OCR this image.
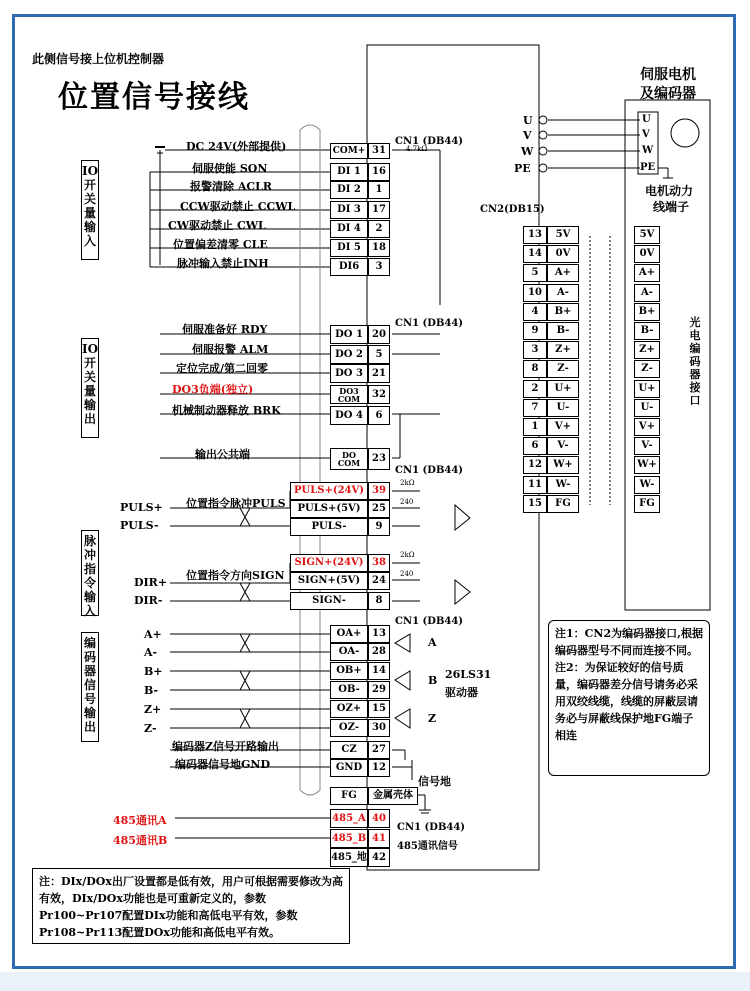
此侧信号接上位机控制器
位置信号接线
伺服电机
及编码器
U
V
W
PE
U
V
W
PE
电机动力
线端子
CN1 (DB44)
CN1 (DB44)
CN1 (DB44)
CN1 (DB44)
CN1 (DB44)
485通讯信号
CN2(DB15)
4.7kΩ
2kΩ
240
2kΩ
240
IO开关量输入
IO开关量输出
脉冲指令输入
编码器信号输出
DC 24V(外部提供)	COM+ 31
伺服使能 SON	DI 1	16
报警清除 ACLR	DI 2	1
CCW驱动禁止 CCWL	DI 3	17
CW驱动禁止 CWL	DI 4	2
位置偏差清零 CLE	DI 5	18
脉冲输入禁止INH	DI6	3
伺服准备好 RDY	DO 1 20
伺服报警 ALM	DO 2	5
定位完成/第二回零	DO 3 21
DO3负端(独立)	DO3
COM	32
机械制动器释放 BRK	DO 4	6
输出公共端	DO
COM	23
PULS+
PULS-
位置指令脉冲PULS
DIR+
DIR-
位置指令方向SIGN
PULS+(24V) 39
PULS+(5V)	25
PULS-	9
SIGN+(24V) 38
SIGN+(5V)	24
SIGN-	8
A+	OA+	13
A-	OA-	28
B+	OB+	14
B-	OB-	29
Z+	OZ+	15
Z-	OZ-	30
A
B
Z
26LS31
驱动器
编码器Z信号开路输出	CZ	27
编码器信号地GND	GND 12
信号地
FG	金属壳体
485通讯A	485_A 40
485通讯B	485_B 41
485_地 42
13	5V	5V
14	0V	0V
5	A+	A+
10	A-	A-
4	B+	B+
9	B-	B-
3	Z+	Z+
8	Z-	Z-
2	U+	U+
7	U-	U-
1	V+	V+
6	V-	V-
12	W+	W+
11	W-	W-
15	FG	FG
光电编码器接口
注1：CN2为编码器接口,根据编码器型号不同而连接不同。注2：为保证较好的信号质量，编码器差分信号请务必采用双绞线缆，线缆的屏蔽层请务必与屏蔽线保护地FG端子相连
注：DIx/DOx出厂设置都是低有效，用户可根据需要修改为高有效，DIx/DOx功能也是可重新定义的，参数Pr100~Pr107配置DIx功能和高低电平有效，参数Pr108~Pr113配置DOx功能和高低电平有效。
